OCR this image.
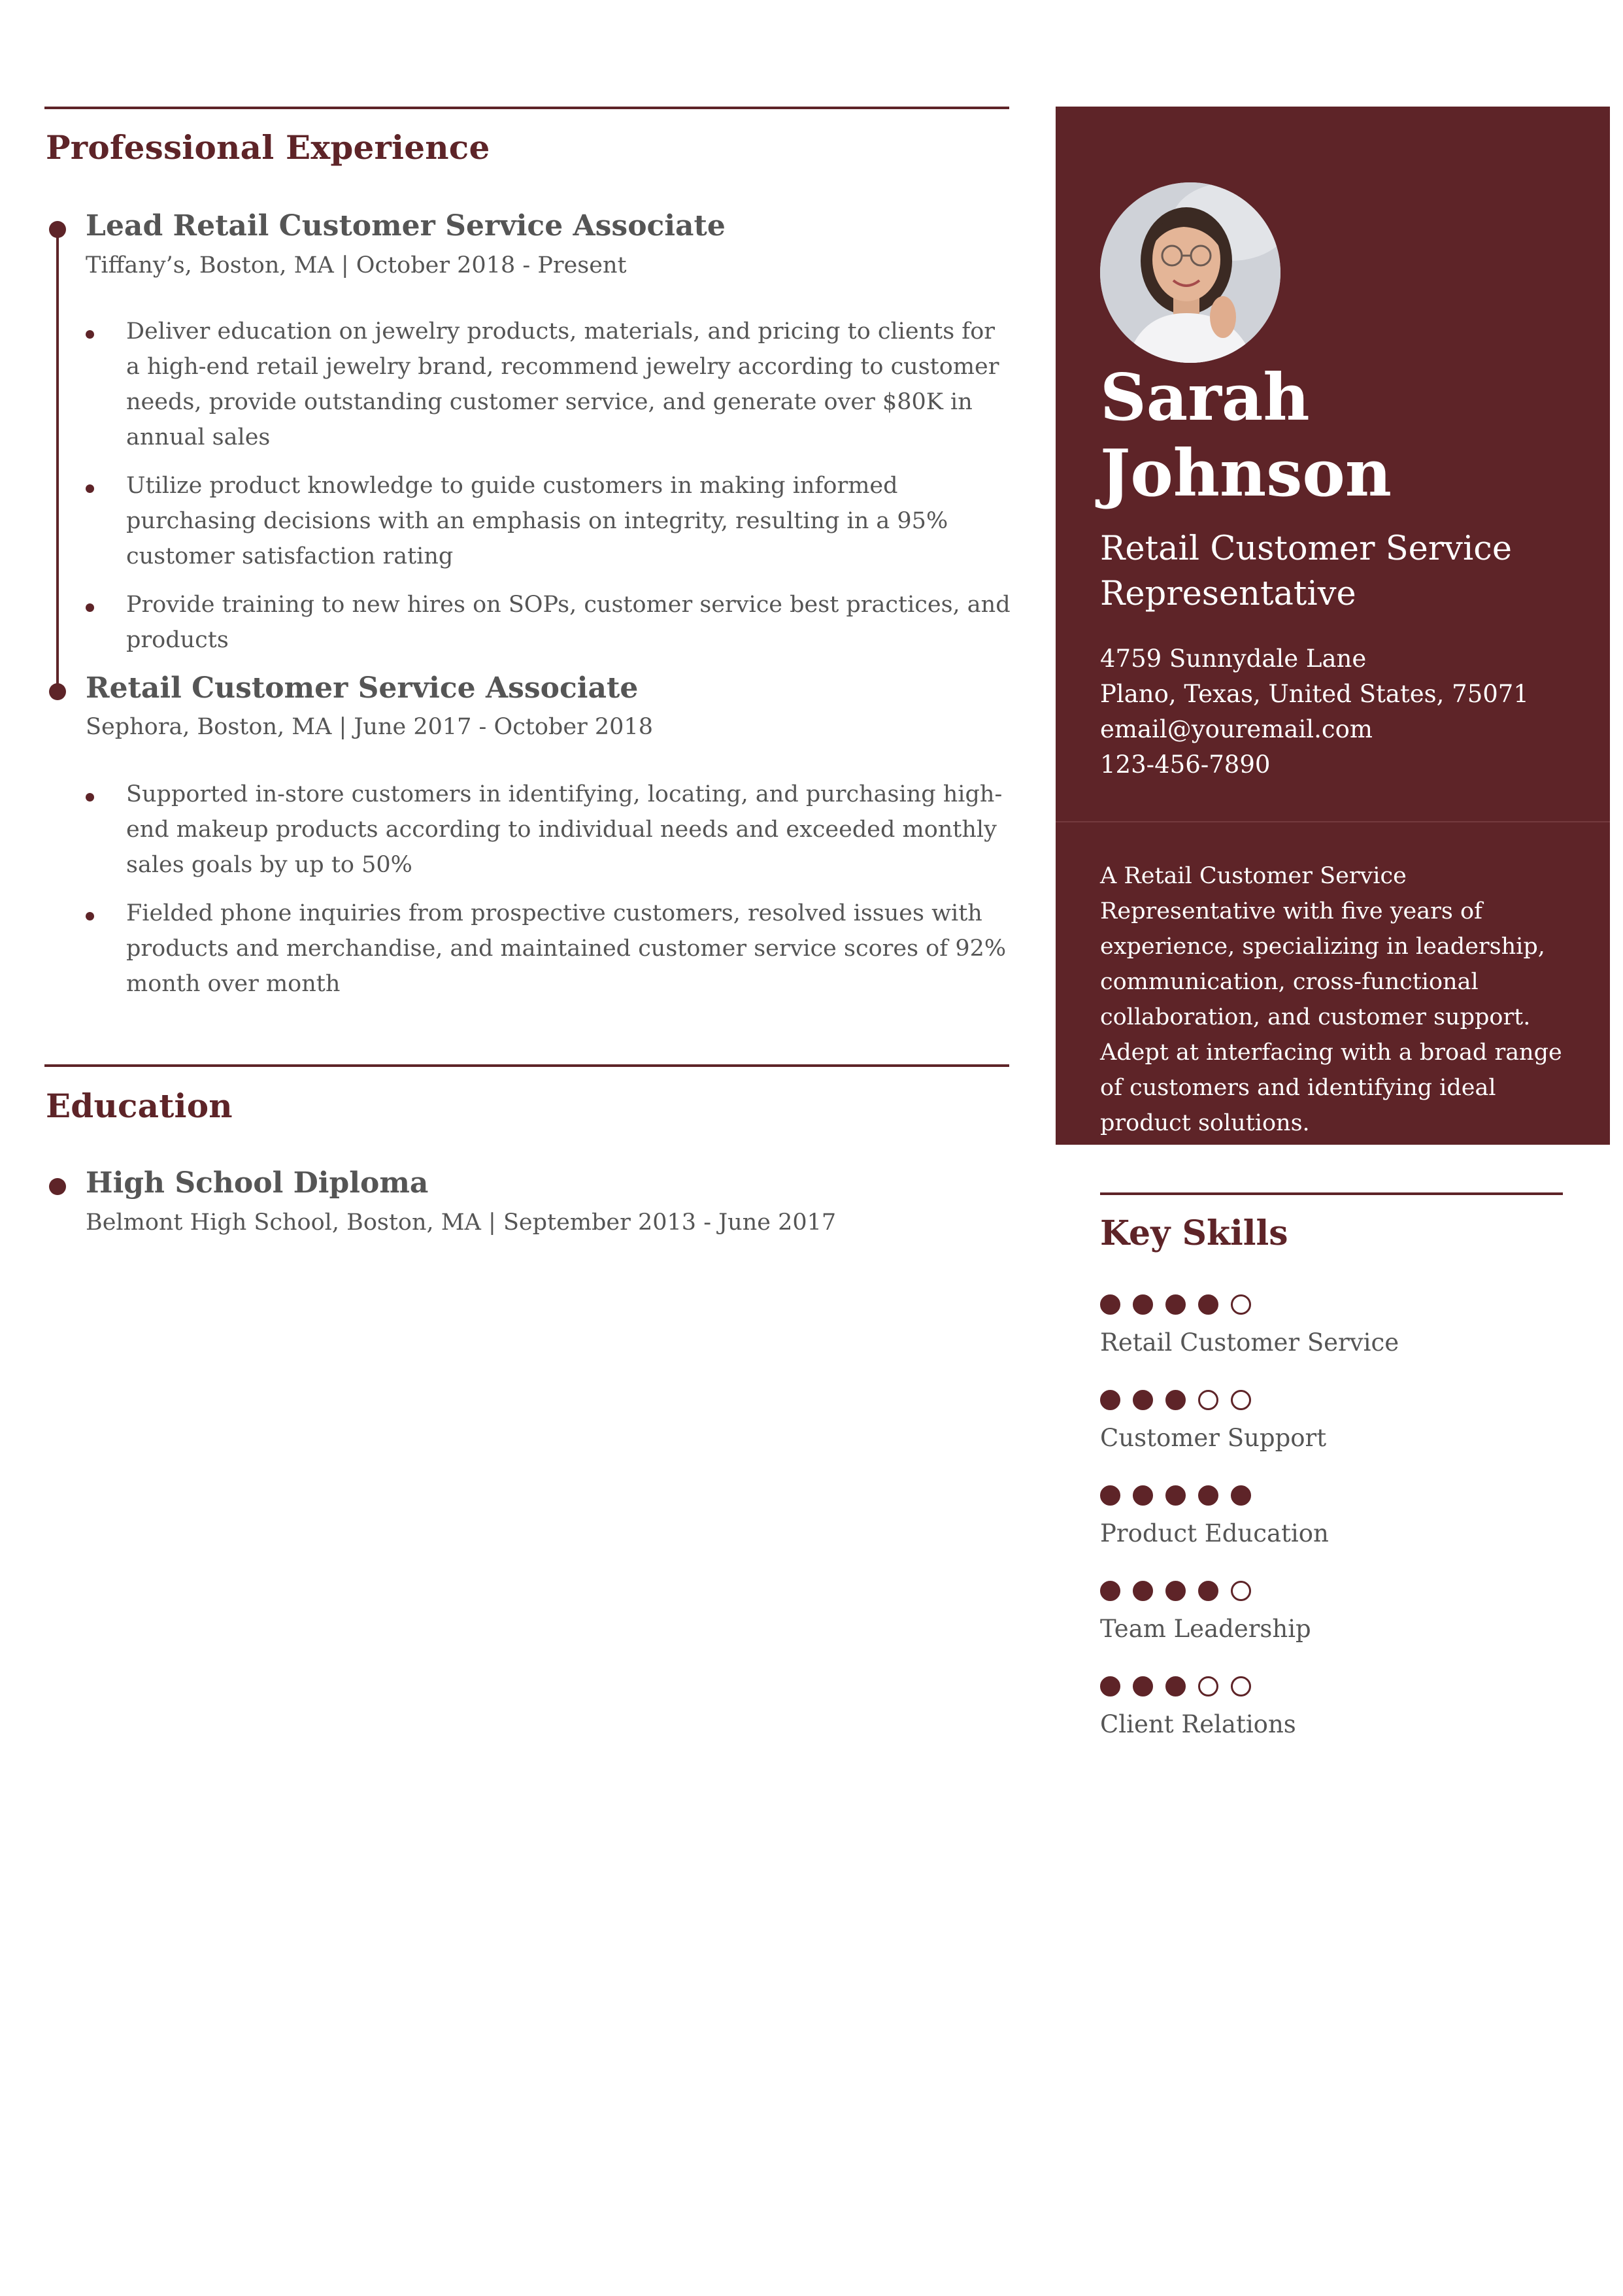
Professional Experience
Lead Retail Customer Service Associate
Tiffany’s, Boston, MA | October 2018 - Present
Deliver education on jewelry products, materials, and pricing to clients for a high-end retail jewelry brand, recommend jewelry according to customer needs, provide outstanding customer service, and generate over $80K in annual sales
Utilize product knowledge to guide customers in making informed purchasing decisions with an emphasis on integrity, resulting in a 95% customer satisfaction rating
Provide training to new hires on SOPs, customer service best practices, and products
Retail Customer Service Associate
Sephora, Boston, MA | June 2017 - October 2018
Supported in-store customers in identifying, locating, and purchasing high-end makeup products according to individual needs and exceeded monthly sales goals by up to 50%
Fielded phone inquiries from prospective customers, resolved issues with products and merchandise, and maintained customer service scores of 92% month over month
Education
High School Diploma
Belmont High School, Boston, MA | September 2013 - June 2017
Sarah
Johnson
Retail Customer Service Representative
4759 Sunnydale Lane
Plano, Texas, United States, 75071
email@youremail.com
123-456-7890
A Retail Customer Service Representative with five years of experience, specializing in leadership, communication, cross-functional collaboration, and customer support. Adept at interfacing with a broad range of customers and identifying ideal product solutions.
Key Skills
Retail Customer Service
Customer Support
Product Education
Team Leadership
Client Relations
